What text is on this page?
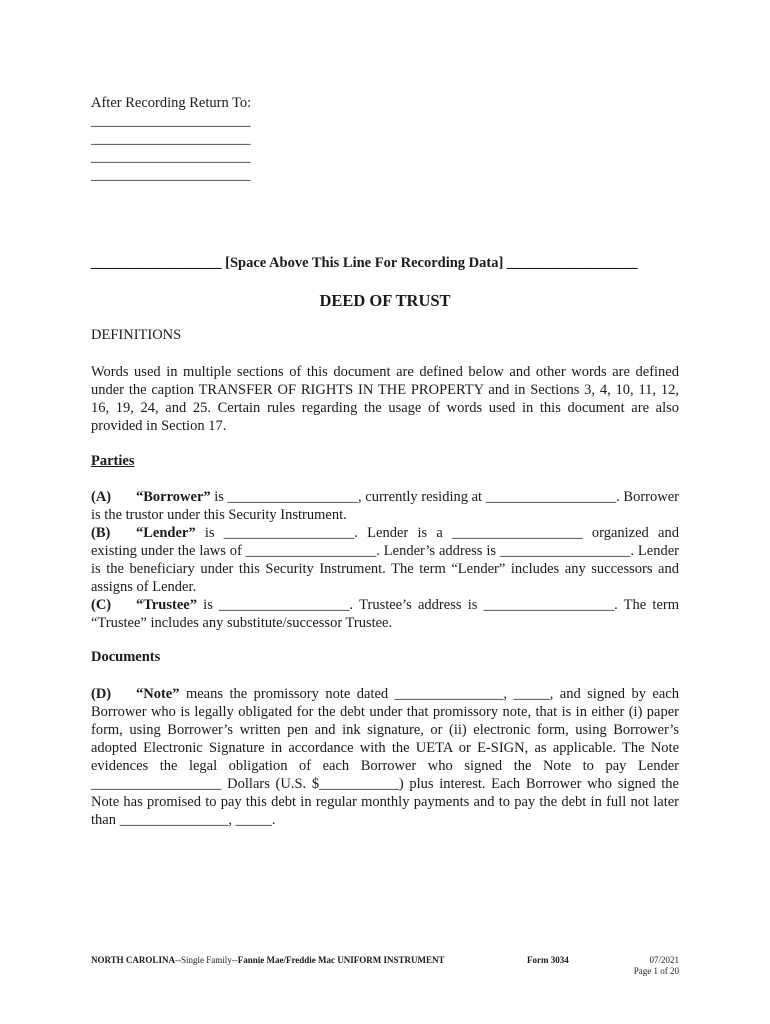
After Recording Return To:
______________________
______________________
______________________
______________________
__________________ [Space Above This Line For Recording Data] __________________
DEED OF TRUST
DEFINITIONS

Words used in multiple sections of this document are defined below and other words are defined under the caption TRANSFER OF RIGHTS IN THE PROPERTY and in Sections 3, 4, 10, 11, 12, 16, 19, 24, and 25. Certain rules regarding the usage of words used in this document are also provided in Section 17.

Parties

(A) “Borrower” is __________________, currently residing at __________________. Borrower is the trustor under this Security Instrument.

(B) “Lender” is __________________. Lender is a __________________ organized and existing under the laws of __________________. Lender’s address is __________________. Lender is the beneficiary under this Security Instrument. The term “Lender” includes any successors and assigns of Lender.

(C) “Trustee” is __________________. Trustee’s address is __________________. The term “Trustee” includes any substitute/successor Trustee.

Documents

(D) “Note” means the promissory note dated _______________, _____, and signed by each Borrower who is legally obligated for the debt under that promissory note, that is in either (i) paper form, using Borrower’s written pen and ink signature, or (ii) electronic form, using Borrower’s adopted Electronic Signature in accordance with the UETA or E-SIGN, as applicable. The Note evidences the legal obligation of each Borrower who signed the Note to pay Lender __________________ Dollars (U.S. $___________) plus interest. Each Borrower who signed the Note has promised to pay this debt in regular monthly payments and to pay the debt in full not later than _______________, _____.

NORTH CAROLINA--Single Family--Fannie Mae/Freddie Mac UNIFORM INSTRUMENT	Form 3034	07/2021
Page 1 of 20
